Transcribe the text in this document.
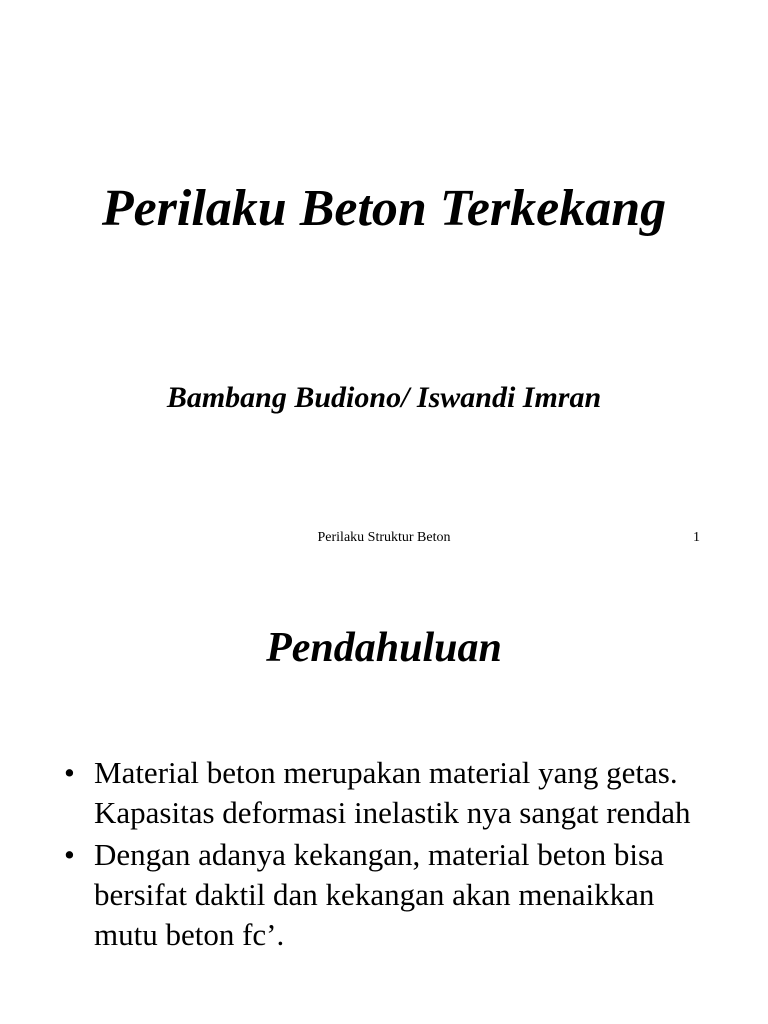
Perilaku Beton Terkekang
Bambang Budiono/ Iswandi Imran
Perilaku Struktur Beton	1
Pendahuluan
• Material beton merupakan material yang getas. Kapasitas deformasi inelastik nya sangat rendah
• Dengan adanya kekangan, material beton bisa bersifat daktil dan kekangan akan menaikkan mutu beton fc’.
